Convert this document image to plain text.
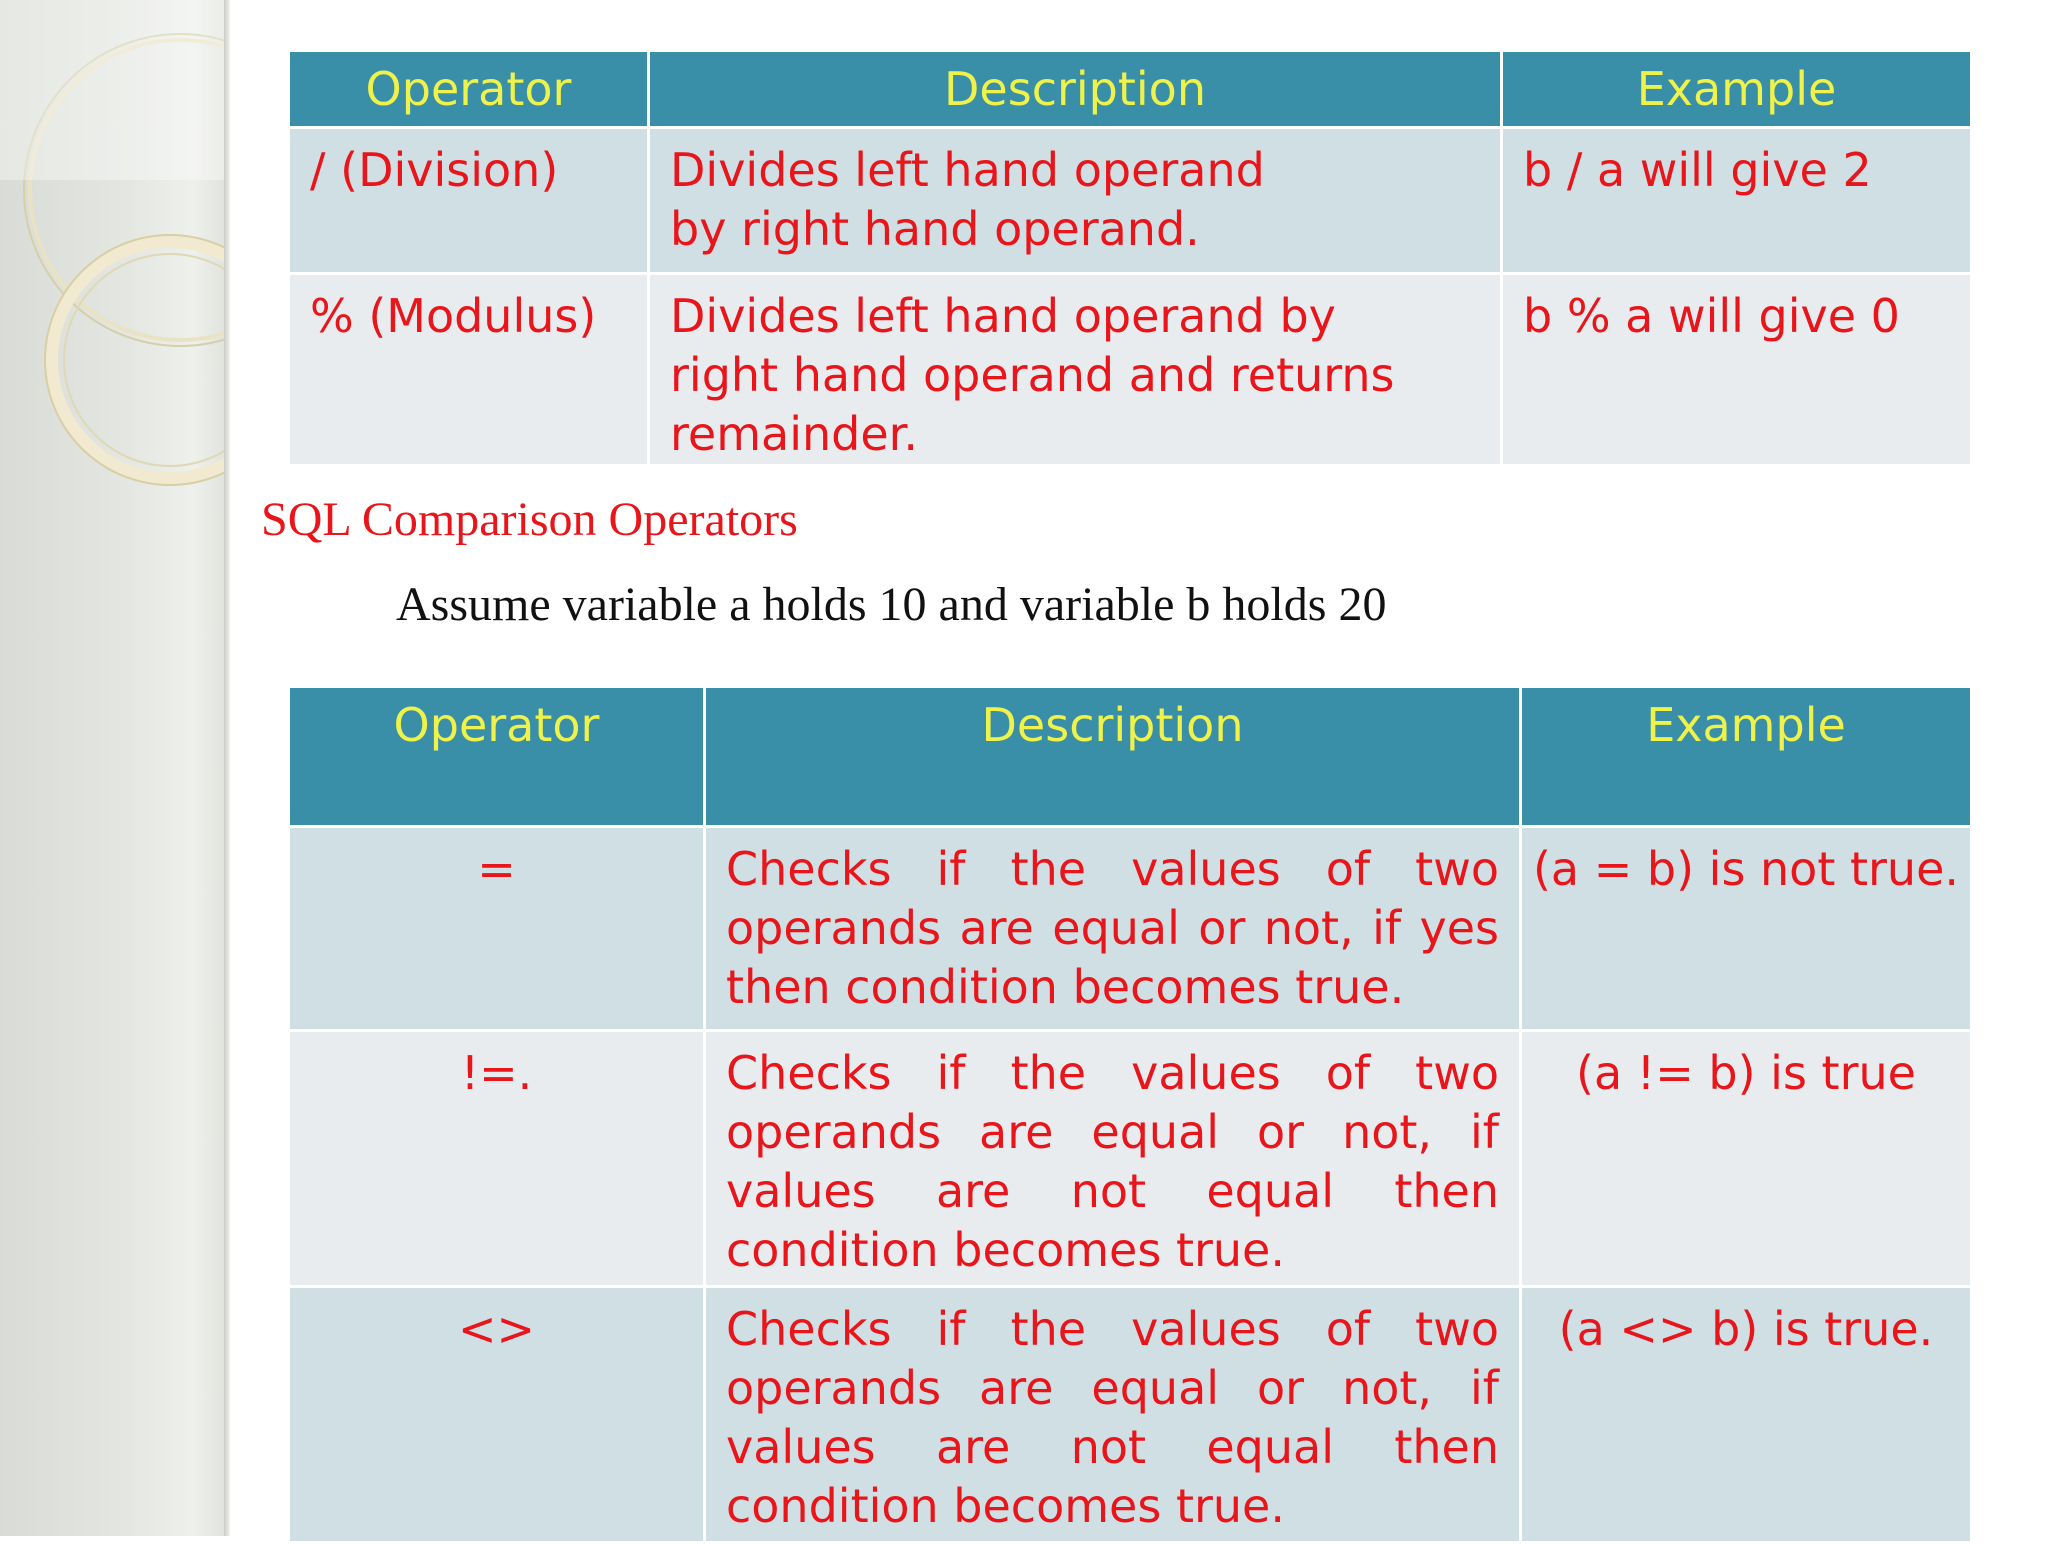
Operator	Description	Example
/ (Division)	Divides left hand operand by right hand operand.	b / a will give 2
% (Modulus)	Divides left hand operand by right hand operand and returns remainder.	b % a will give 0
SQL Comparison Operators
Assume variable a holds 10 and variable b holds 20
Operator	Description	Example
=	Checks if the values of two operands are equal or not, if yes then condition becomes true.	(a = b) is not true.
!=.	Checks if the values of two operands are equal or not, if values are not equal then condition becomes true.	(a != b) is true
<>	Checks if the values of two operands are equal or not, if values are not equal then condition becomes true.	(a <> b) is true.
